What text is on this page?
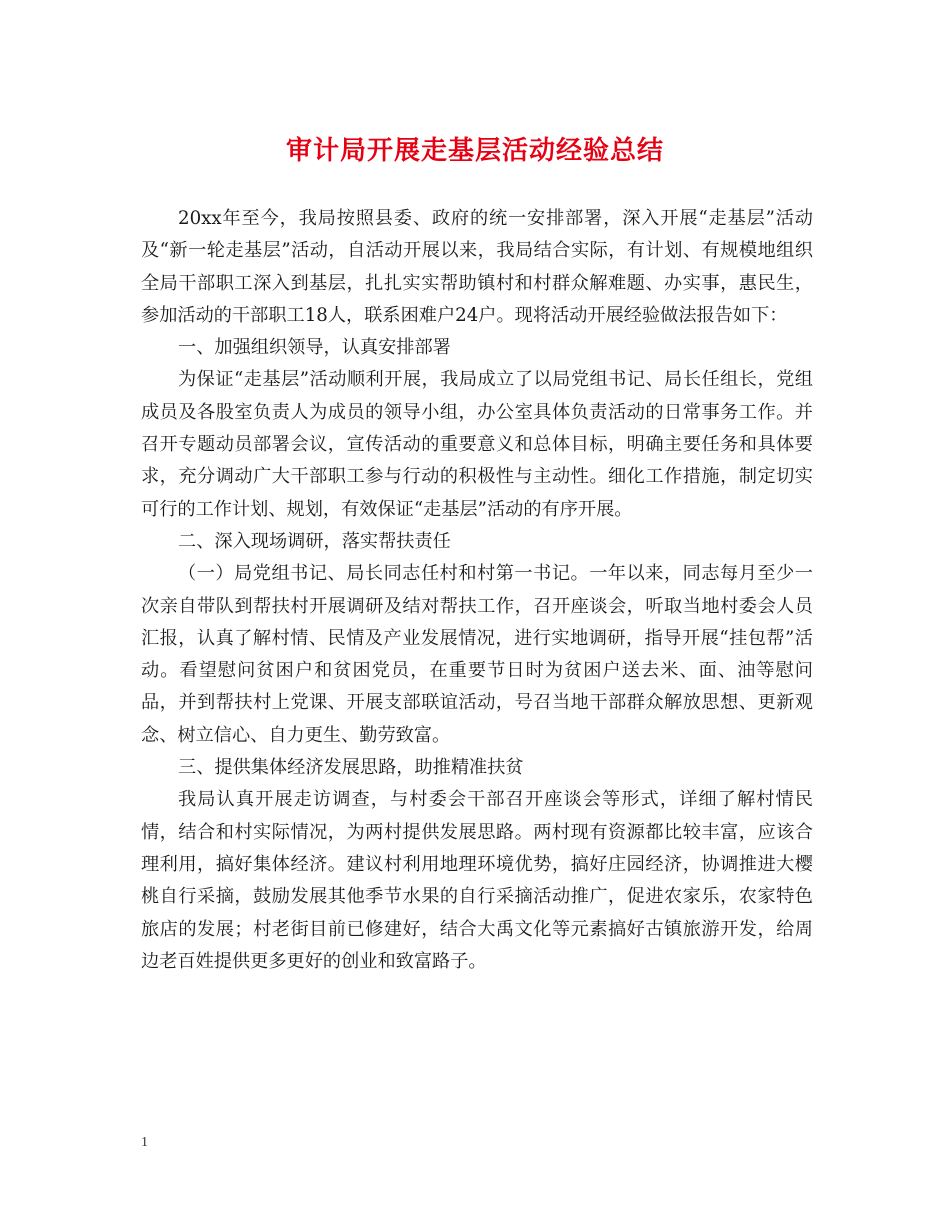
审计局开展走基层活动经验总结

20xx年至今，我局按照县委、政府的统一安排部署，深入开展“走基层”活动及“新一轮走基层”活动，自活动开展以来，我局结合实际，有计划、有规模地组织全局干部职工深入到基层，扎扎实实帮助镇村和村群众解难题、办实事，惠民生，参加活动的干部职工18人，联系困难户24户。现将活动开展经验做法报告如下：

一、加强组织领导，认真安排部署

为保证“走基层”活动顺利开展，我局成立了以局党组书记、局长任组长，党组成员及各股室负责人为成员的领导小组，办公室具体负责活动的日常事务工作。并召开专题动员部署会议，宣传活动的重要意义和总体目标，明确主要任务和具体要求，充分调动广大干部职工参与行动的积极性与主动性。细化工作措施，制定切实可行的工作计划、规划，有效保证“走基层”活动的有序开展。

二、深入现场调研，落实帮扶责任

（一）局党组书记、局长同志任村和村第一书记。一年以来，同志每月至少一次亲自带队到帮扶村开展调研及结对帮扶工作，召开座谈会，听取当地村委会人员汇报，认真了解村情、民情及产业发展情况，进行实地调研，指导开展“挂包帮”活动。看望慰问贫困户和贫困党员，在重要节日时为贫困户送去米、面、油等慰问品，并到帮扶村上党课、开展支部联谊活动，号召当地干部群众解放思想、更新观念、树立信心、自力更生、勤劳致富。

三、提供集体经济发展思路，助推精准扶贫

我局认真开展走访调查，与村委会干部召开座谈会等形式，详细了解村情民情，结合和村实际情况，为两村提供发展思路。两村现有资源都比较丰富，应该合理利用，搞好集体经济。建议村利用地理环境优势，搞好庄园经济，协调推进大樱桃自行采摘，鼓励发展其他季节水果的自行采摘活动推广，促进农家乐，农家特色旅店的发展；村老街目前已修建好，结合大禹文化等元素搞好古镇旅游开发，给周边老百姓提供更多更好的创业和致富路子。

1
